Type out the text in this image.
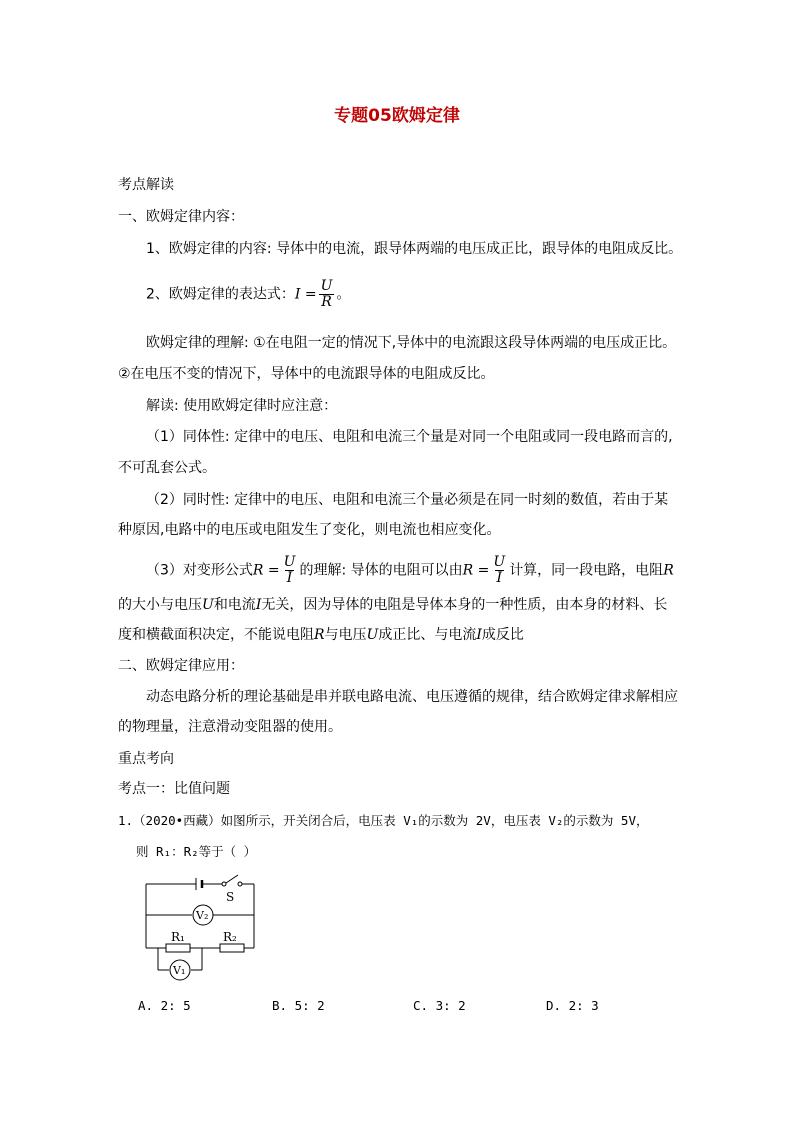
专题05欧姆定律
考点解读
一、欧姆定律内容：
1、欧姆定律的内容: 导体中的电流，跟导体两端的电压成正比，跟导体的电阻成反比。
2、欧姆定律的表达式：$I = \frac{U}{R}$ 。
欧姆定律的理解: ①在电阻一定的情况下,导体中的电流跟这段导体两端的电压成正比。
②在电压不变的情况下，导体中的电流跟导体的电阻成反比。
解读: 使用欧姆定律时应注意：
（1）同体性: 定律中的电压、电阻和电流三个量是对同一个电阻或同一段电路而言的,
不可乱套公式。
（2）同时性: 定律中的电压、电阻和电流三个量必须是在同一时刻的数值，若由于某
种原因,电路中的电压或电阻发生了变化，则电流也相应变化。
（3）对变形公式$R = \frac{U}{I}$ 的理解: 导体的电阻可以由$R = \frac{U}{I}$ 计算，同一段电路，电阻R
的大小与电压U和电流I无关，因为导体的电阻是导体本身的一种性质，由本身的材料、长
度和横截面积决定，不能说电阻R与电压U成正比、与电流I成反比
二、欧姆定律应用：
动态电路分析的理论基础是串并联电路电流、电压遵循的规律，结合欧姆定律求解相应
的物理量，注意滑动变阻器的使用。
重点考向
考点一：比值问题
1.（2020•西藏）如图所示，开关闭合后，电压表 V₁的示数为 2V，电压表 V₂的示数为 5V，
则 R₁：R₂等于（ ）
S
V₂
V₁
R₁	R₂
A. 2: 5	B. 5: 2	C. 3: 2	D. 2: 3
